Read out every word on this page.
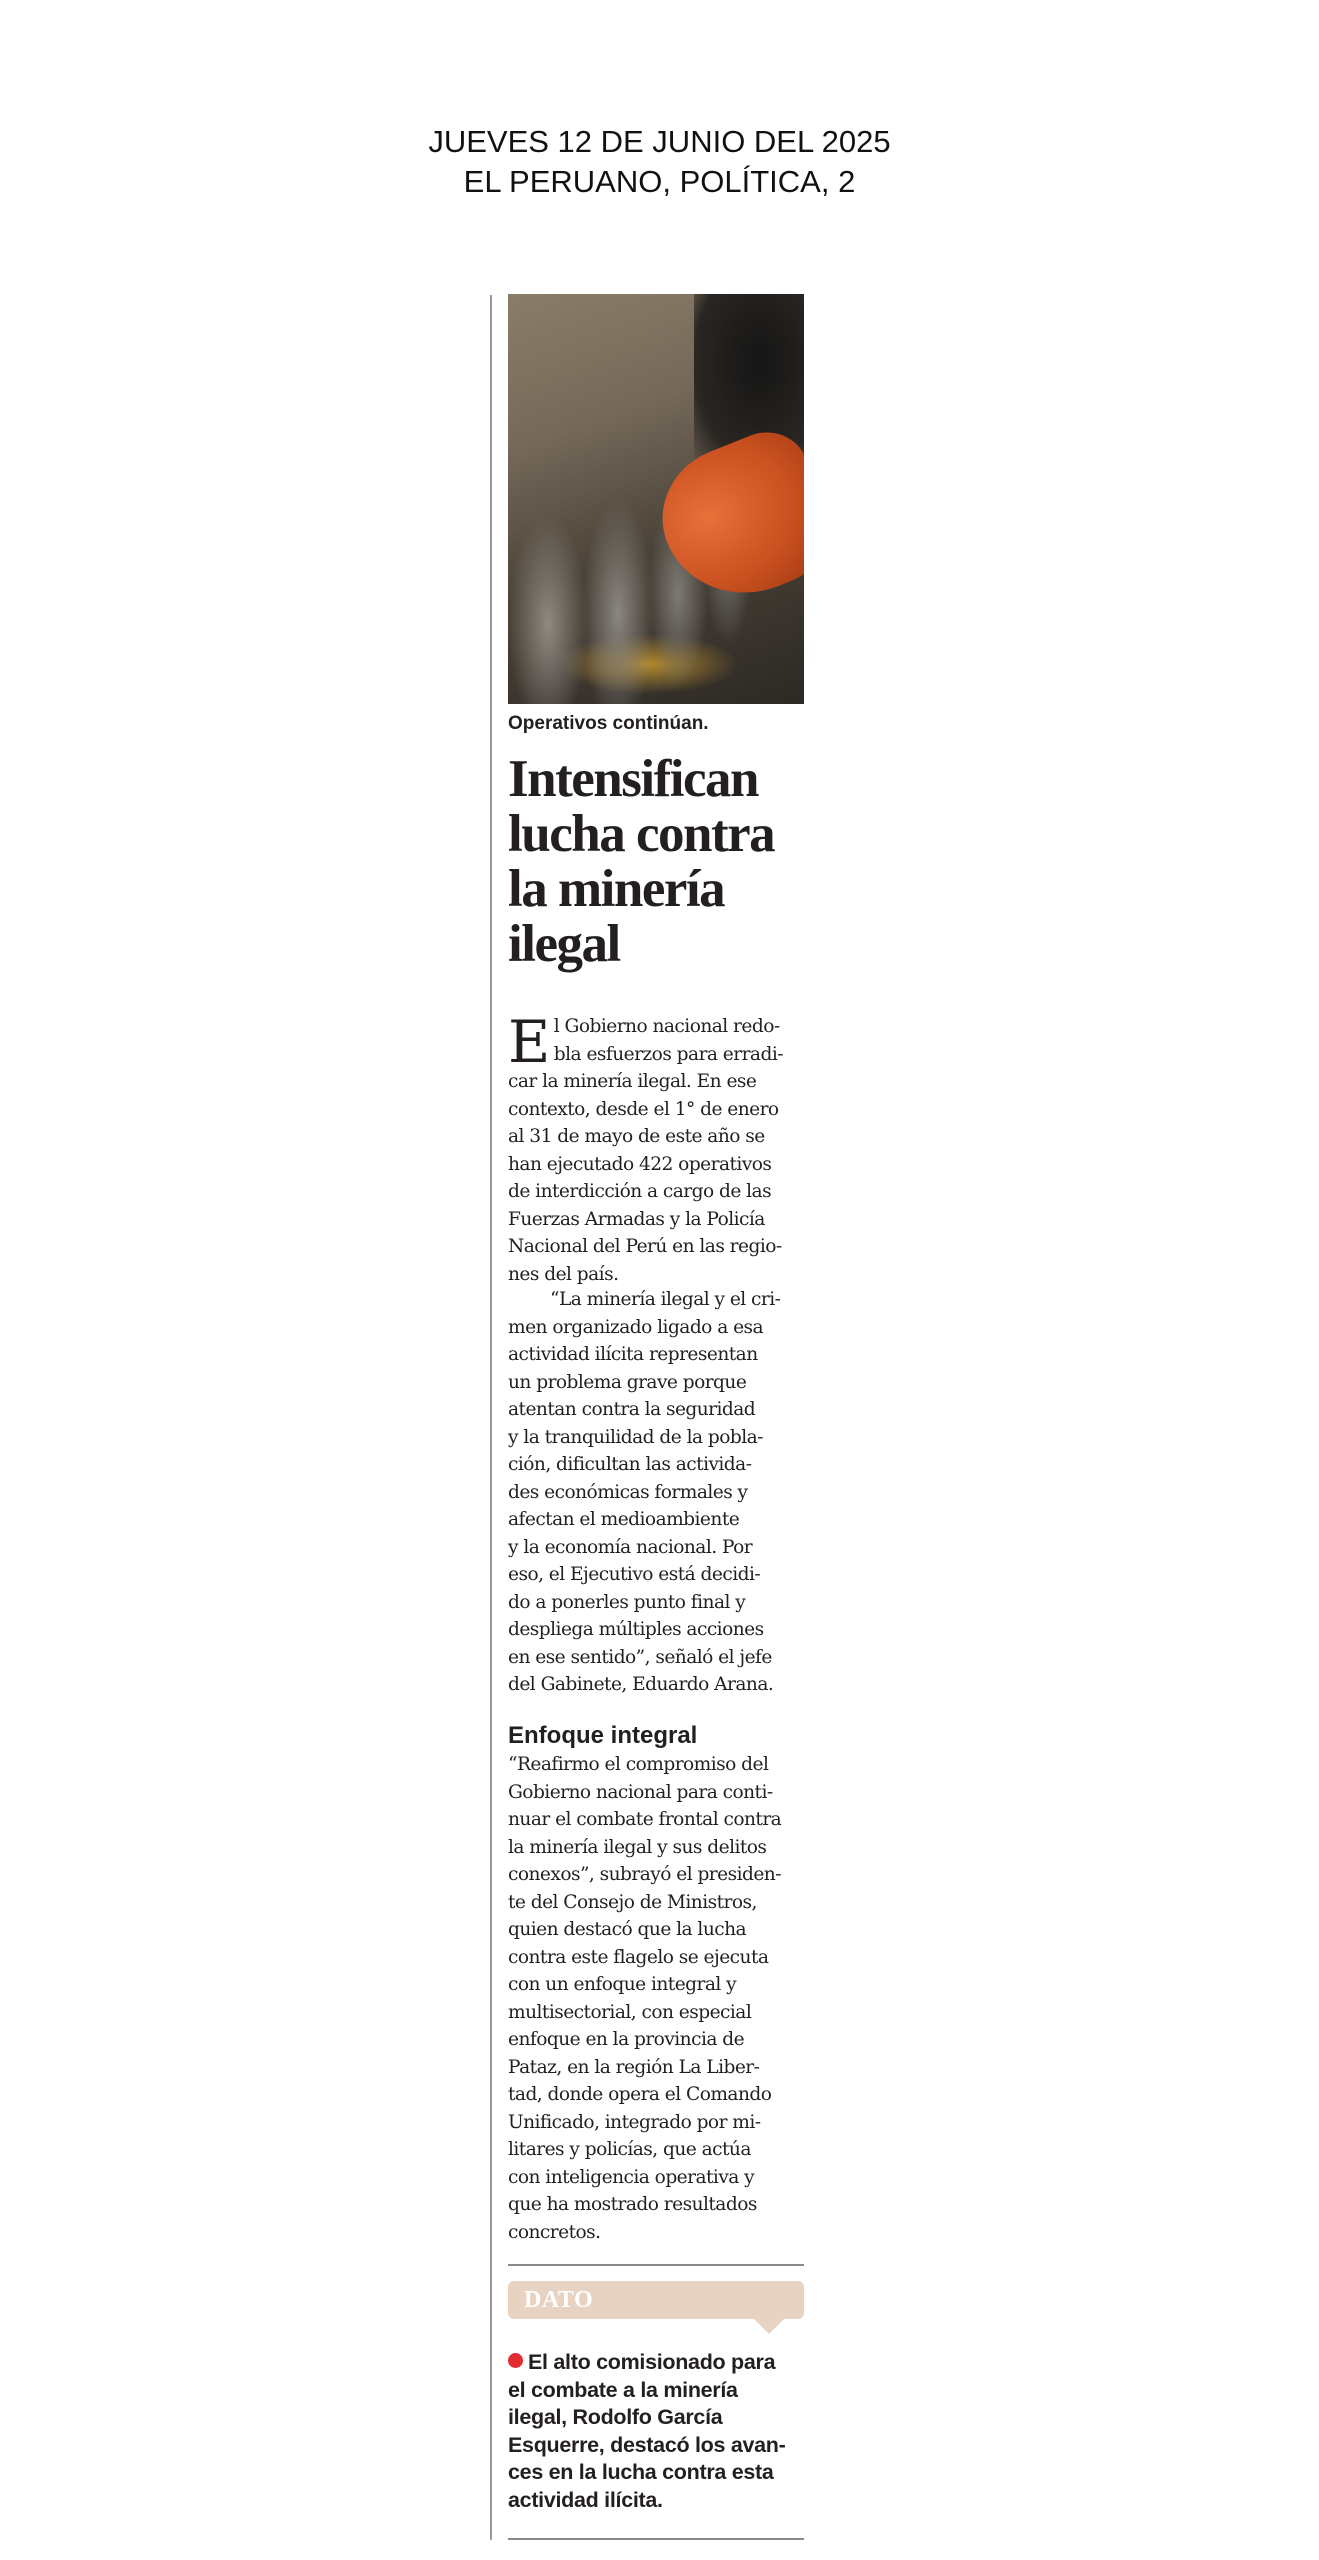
JUEVES 12 DE JUNIO DEL 2025
EL PERUANO, POLÍTICA, 2
Operativos continúan.
Intensifican
lucha contra
la minería
ilegal

El Gobierno nacional redo-
bla esfuerzos para erradi-
car la minería ilegal. En ese
contexto, desde el 1° de enero
al 31 de mayo de este año se
han ejecutado 422 operativos
de interdicción a cargo de las
Fuerzas Armadas y la Policía
Nacional del Perú en las regio-
nes del país.

“La minería ilegal y el cri-
men organizado ligado a esa
actividad ilícita representan
un problema grave porque
atentan contra la seguridad
y la tranquilidad de la pobla-
ción, dificultan las activida-
des económicas formales y
afectan el medioambiente
y la economía nacional. Por
eso, el Ejecutivo está decidi-
do a ponerles punto final y
despliega múltiples acciones
en ese sentido”, señaló el jefe
del Gabinete, Eduardo Arana.

Enfoque integral

“Reafirmo el compromiso del
Gobierno nacional para conti-
nuar el combate frontal contra
la minería ilegal y sus delitos
conexos”, subrayó el presiden-
te del Consejo de Ministros,
quien destacó que la lucha
contra este flagelo se ejecuta
con un enfoque integral y
multisectorial, con especial
enfoque en la provincia de
Pataz, en la región La Liber-
tad, donde opera el Comando
Unificado, integrado por mi-
litares y policías, que actúa
con inteligencia operativa y
que ha mostrado resultados
concretos.

DATO
El alto comisionado para
el combate a la minería
ilegal, Rodolfo García
Esquerre, destacó los avan-
ces en la lucha contra esta
actividad ilícita.
